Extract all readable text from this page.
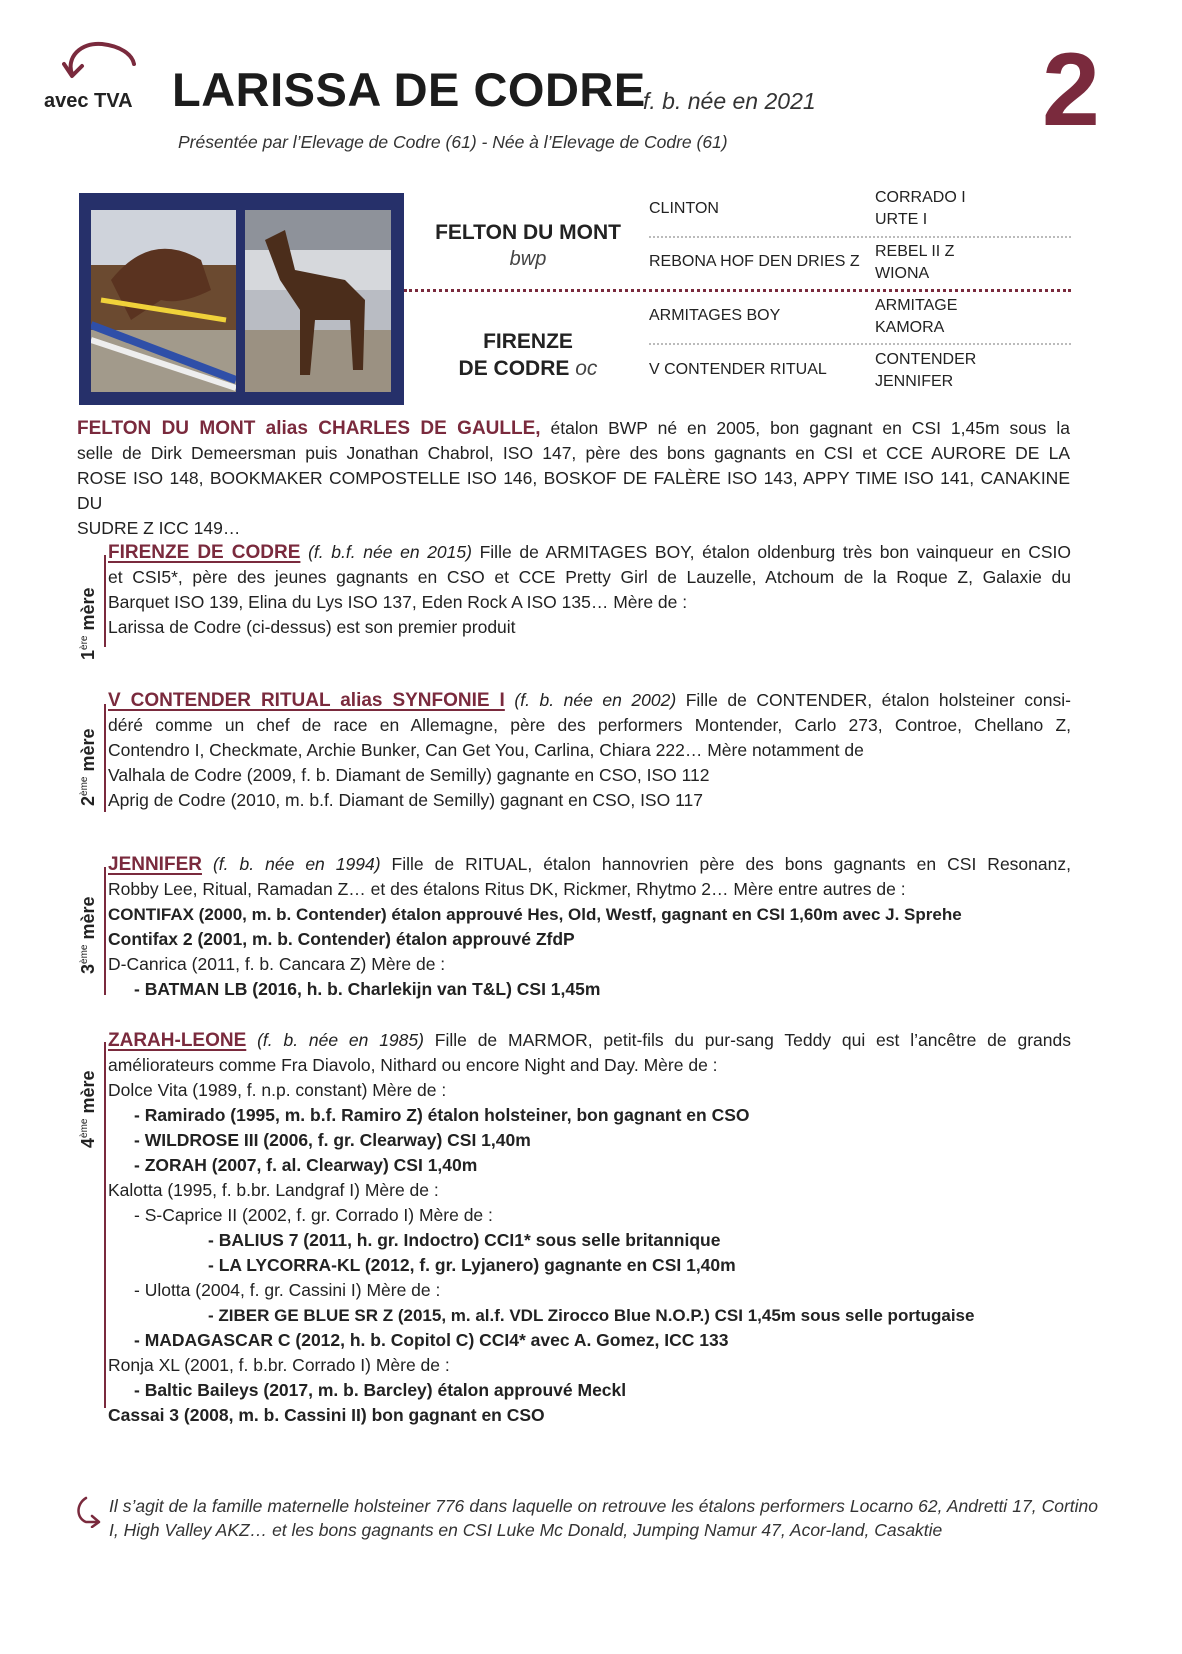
avec TVA LARISSA DE CODRE
f. b. née en 2021
Présentée par l’Elevage de Codre (61) - Née à l’Elevage de Codre (61)	2
FELTON DU MONT
bwp
FIRENZE
DE CODRE oc
CLINTON
REBONA HOF DEN DRIES Z
ARMITAGES BOY
V CONTENDER RITUAL
CORRADO I
URTE I
REBEL II Z
WIONA
ARMITAGE
KAMORA
CONTENDER
JENNIFER
FELTON DU MONT alias CHARLES DE GAULLE, étalon BWP né en 2005, bon gagnant en CSI 1,45m sous la
selle de Dirk Demeersman puis Jonathan Chabrol, ISO 147, père des bons gagnants en CSI et CCE AURORE DE LA
ROSE ISO 148, BOOKMAKER COMPOSTELLE ISO 146, BOSKOF DE FALÈRE ISO 143, APPY TIME ISO 141, CANAKINE DU
SUDRE Z ICC 149…
1ère mère
FIRENZE DE CODRE (f. b.f. née en 2015) Fille de ARMITAGES BOY, étalon oldenburg très bon vainqueur en CSIO
et CSI5*, père des jeunes gagnants en CSO et CCE Pretty Girl de Lauzelle, Atchoum de la Roque Z, Galaxie du
Barquet ISO 139, Elina du Lys ISO 137, Eden Rock A ISO 135… Mère de :
Larissa de Codre (ci-dessus) est son premier produit
2ème mère
V CONTENDER RITUAL alias SYNFONIE I (f. b. née en 2002) Fille de CONTENDER, étalon holsteiner consi-
déré comme un chef de race en Allemagne, père des performers Montender, Carlo 273, Controe, Chellano Z,
Contendro I, Checkmate, Archie Bunker, Can Get You, Carlina, Chiara 222… Mère notamment de
Valhala de Codre (2009, f. b. Diamant de Semilly) gagnante en CSO, ISO 112
Aprig de Codre (2010, m. b.f. Diamant de Semilly) gagnant en CSO, ISO 117
3ème mère
JENNIFER (f. b. née en 1994) Fille de RITUAL, étalon hannovrien père des bons gagnants en CSI Resonanz,
Robby Lee, Ritual, Ramadan Z… et des étalons Ritus DK, Rickmer, Rhytmo 2… Mère entre autres de :
CONTIFAX (2000, m. b. Contender) étalon approuvé Hes, Old, Westf, gagnant en CSI 1,60m avec J. Sprehe
Contifax 2 (2001, m. b. Contender) étalon approuvé ZfdP
D-Canrica (2011, f. b. Cancara Z) Mère de :
- BATMAN LB (2016, h. b. Charlekijn van T&L) CSI 1,45m
4ème mère
ZARAH-LEONE (f. b. née en 1985) Fille de MARMOR, petit-fils du pur-sang Teddy qui est l’ancêtre de grands
améliorateurs comme Fra Diavolo, Nithard ou encore Night and Day. Mère de :
Dolce Vita (1989, f. n.p. constant) Mère de :
- Ramirado (1995, m. b.f. Ramiro Z) étalon holsteiner, bon gagnant en CSO
- WILDROSE III (2006, f. gr. Clearway) CSI 1,40m
- ZORAH (2007, f. al. Clearway) CSI 1,40m
Kalotta (1995, f. b.br. Landgraf I) Mère de :
- S-Caprice II (2002, f. gr. Corrado I) Mère de :
- BALIUS 7 (2011, h. gr. Indoctro) CCI1* sous selle britannique
- LA LYCORRA-KL (2012, f. gr. Lyjanero) gagnante en CSI 1,40m
- Ulotta (2004, f. gr. Cassini I) Mère de :
- ZIBER GE BLUE SR Z (2015, m. al.f. VDL Zirocco Blue N.O.P.) CSI 1,45m sous selle portugaise
- MADAGASCAR C (2012, h. b. Copitol C) CCI4* avec A. Gomez, ICC 133
Ronja XL (2001, f. b.br. Corrado I) Mère de :
- Baltic Baileys (2017, m. b. Barcley) étalon approuvé Meckl
Cassai 3 (2008, m. b. Cassini II) bon gagnant en CSO
Il s’agit de la famille maternelle holsteiner 776 dans laquelle on retrouve les étalons performers Locarno 62, Andretti 17, Cortino I, High Valley AKZ… et les bons gagnants en CSI Luke Mc Donald, Jumping Namur 47, Acor-land, Casaktie
